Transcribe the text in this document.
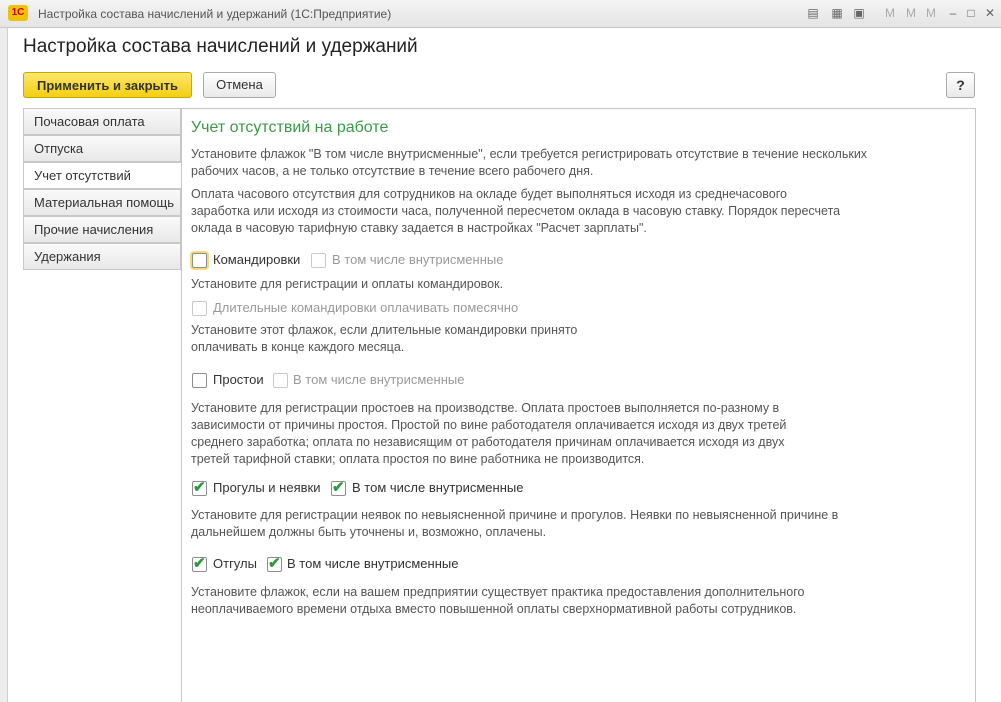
1С	Настройка состава начислений и удержаний (1С:Предприятие)	▤ ▦ ▣ M M M	– □ ✕
Настройка состава начислений и удержаний
Применить и закрыть	Отмена	?
Почасовая оплата
Отпуска
Учет отсутствий
Материальная помощь
Прочие начисления
Удержания
Учет отсутствий на работе
Установите флажок "В том числе внутрисменные", если требуется регистрировать отсутствие в течение нескольких
рабочих часов, а не только отсутствие в течение всего рабочего дня.
Оплата часового отсутствия для сотрудников на окладе будет выполняться исходя из среднечасового
заработка или исходя из стоимости часа, полученной пересчетом оклада в часовую ставку. Порядок пересчета
оклада в часовую тарифную ставку задается в настройках "Расчет зарплаты".
Командировки В том числе внутрисменные
Установите для регистрации и оплаты командировок.
Длительные командировки оплачивать помесячно
Установите этот флажок, если длительные командировки принято
оплачивать в конце каждого месяца.
Простои В том числе внутрисменные
Установите для регистрации простоев на производстве. Оплата простоев выполняется по-разному в
зависимости от причины простоя. Простой по вине работодателя оплачивается исходя из двух третей
среднего заработка; оплата по независящим от работодателя причинам оплачивается исходя из двух
третей тарифной ставки; оплата простоя по вине работника не производится.
✔ Прогулы и неявки ✔ В том числе внутрисменные
Установите для регистрации неявок по невыясненной причине и прогулов. Неявки по невыясненной причине в
дальнейшем должны быть уточнены и, возможно, оплачены.
✔ Отгулы ✔ В том числе внутрисменные
Установите флажок, если на вашем предприятии существует практика предоставления дополнительного
неоплачиваемого времени отдыха вместо повышенной оплаты сверхнормативной работы сотрудников.
